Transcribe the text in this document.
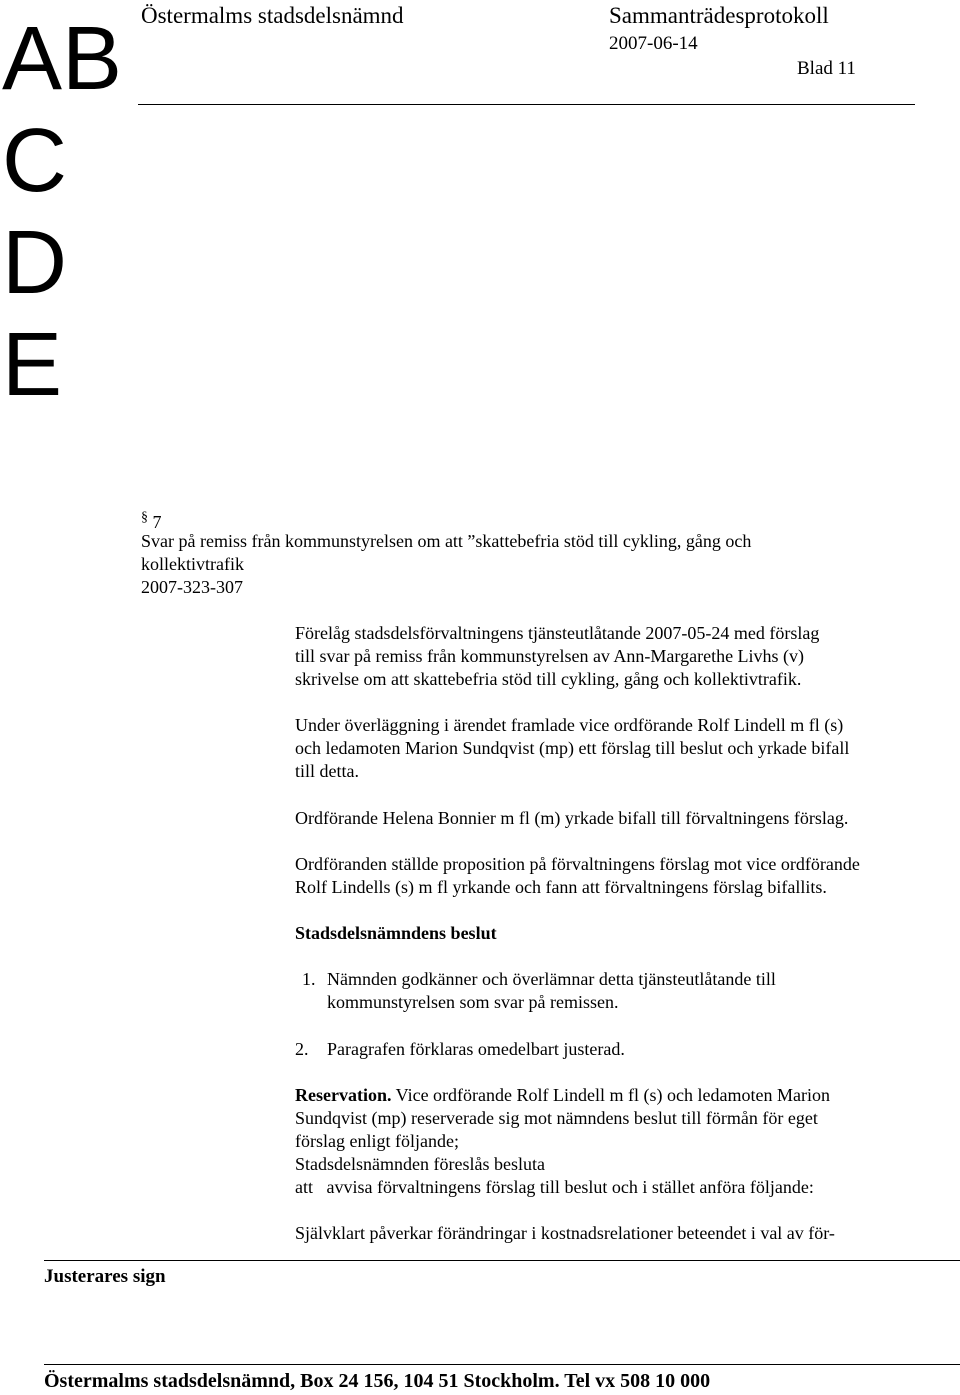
AB
C
D
E
Östermalms stadsdelsnämnd	Sammanträdesprotokoll
2007-06-14
Blad 11
§ 7
Svar på remiss från kommunstyrelsen om att ”skattebefria stöd till cykling, gång och
kollektivtrafik
2007-323-307
Förelåg stadsdelsförvaltningens tjänsteutlåtande 2007-05-24 med förslag
till svar på remiss från kommunstyrelsen av Ann-Margarethe Livhs (v)
skrivelse om att skattebefria stöd till cykling, gång och kollektivtrafik.
Under överläggning i ärendet framlade vice ordförande Rolf Lindell m fl (s)
och ledamoten Marion Sundqvist (mp) ett förslag till beslut och yrkade bifall
till detta.
Ordförande Helena Bonnier m fl (m) yrkade bifall till förvaltningens förslag.
Ordföranden ställde proposition på förvaltningens förslag mot vice ordförande
Rolf Lindells (s) m fl yrkande och fann att förvaltningens förslag bifallits.
Stadsdelsnämndens beslut
1. Nämnden godkänner och överlämnar detta tjänsteutlåtande till
kommunstyrelsen som svar på remissen.
2. Paragrafen förklaras omedelbart justerad.
Reservation. Vice ordförande Rolf Lindell m fl (s) och ledamoten Marion
Sundqvist (mp) reserverade sig mot nämndens beslut till förmån för eget
förslag enligt följande;
Stadsdelsnämnden föreslås besluta
att   avvisa förvaltningens förslag till beslut och i stället anföra följande:
Självklart påverkar förändringar i kostnadsrelationer beteendet i val av för-
Justerares sign
Östermalms stadsdelsnämnd, Box 24 156, 104 51 Stockholm. Tel vx 508 10 000
